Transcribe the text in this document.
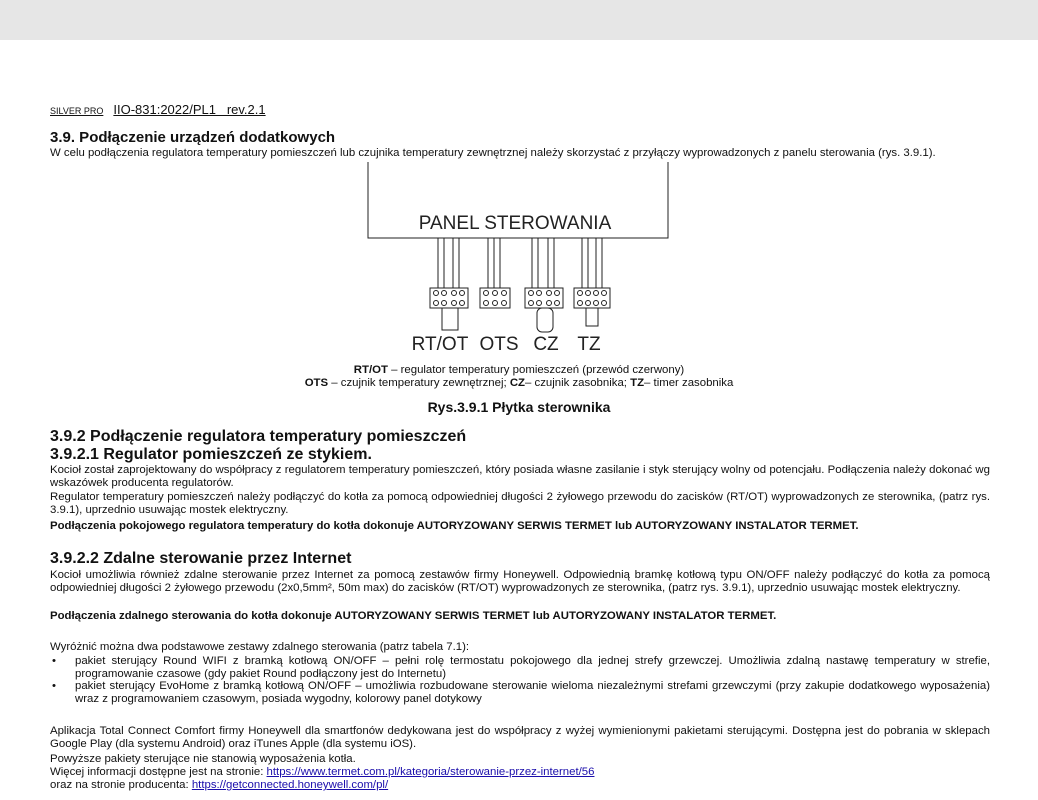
SILVER PRO IIO-831:2022/PL1   rev.2.1
3.9. Podłączenie urządzeń dodatkowych
W celu podłączenia regulatora temperatury pomieszczeń lub czujnika temperatury zewnętrznej należy skorzystać z przyłączy wyprowadzonych z panelu sterowania (rys. 3.9.1).
PANEL STEROWANIA
RT/OT OTS CZ TZ
RT/OT – regulator temperatury pomieszczeń (przewód czerwony)
OTS – czujnik temperatury zewnętrznej; CZ– czujnik zasobnika; TZ– timer zasobnika
Rys.3.9.1 Płytka sterownika
3.9.2 Podłączenie regulatora temperatury pomieszczeń
3.9.2.1 Regulator pomieszczeń ze stykiem.
Kocioł został zaprojektowany do współpracy z regulatorem temperatury pomieszczeń, który posiada własne zasilanie i styk sterujący wolny od potencjału. Podłączenia należy dokonać wg wskazówek producenta regulatorów.
Regulator temperatury pomieszczeń należy podłączyć do kotła za pomocą odpowiedniej długości 2 żyłowego przewodu do zacisków (RT/OT) wyprowadzonych ze sterownika, (patrz rys. 3.9.1), uprzednio usuwając mostek elektryczny.
Podłączenia pokojowego regulatora temperatury do kotła dokonuje AUTORYZOWANY SERWIS TERMET lub AUTORYZOWANY INSTALATOR TERMET.
3.9.2.2 Zdalne sterowanie przez Internet
Kocioł umożliwia również zdalne sterowanie przez Internet za pomocą zestawów firmy Honeywell. Odpowiednią bramkę kotłową typu ON/OFF należy podłączyć do kotła za pomocą odpowiedniej długości 2 żyłowego przewodu (2x0,5mm², 50m max) do zacisków (RT/OT) wyprowadzonych ze sterownika, (patrz rys. 3.9.1), uprzednio usuwając mostek elektryczny.
Podłączenia zdalnego sterowania do kotła dokonuje AUTORYZOWANY SERWIS TERMET lub AUTORYZOWANY INSTALATOR TERMET.
Wyróżnić można dwa podstawowe zestawy zdalnego sterowania (patrz tabela 7.1):
• pakiet sterujący Round WIFI z bramką kotłową ON/OFF – pełni rolę termostatu pokojowego dla jednej strefy grzewczej. Umożliwia zdalną nastawę temperatury w strefie, programowanie czasowe (gdy pakiet Round podłączony jest do Internetu)
• pakiet sterujący EvoHome z bramką kotłową ON/OFF – umożliwia rozbudowane sterowanie wieloma niezależnymi strefami grzewczymi (przy zakupie dodatkowego wyposażenia) wraz z programowaniem czasowym, posiada wygodny, kolorowy panel dotykowy
Aplikacja Total Connect Comfort firmy Honeywell dla smartfonów dedykowana jest do współpracy z wyżej wymienionymi pakietami sterującymi. Dostępna jest do pobrania w sklepach Google Play (dla systemu Android) oraz iTunes Apple (dla systemu iOS).
Powyższe pakiety sterujące nie stanowią wyposażenia kotła.
Więcej informacji dostępne jest na stronie: https://www.termet.com.pl/kategoria/sterowanie-przez-internet/56
oraz na stronie producenta: https://getconnected.honeywell.com/pl/
